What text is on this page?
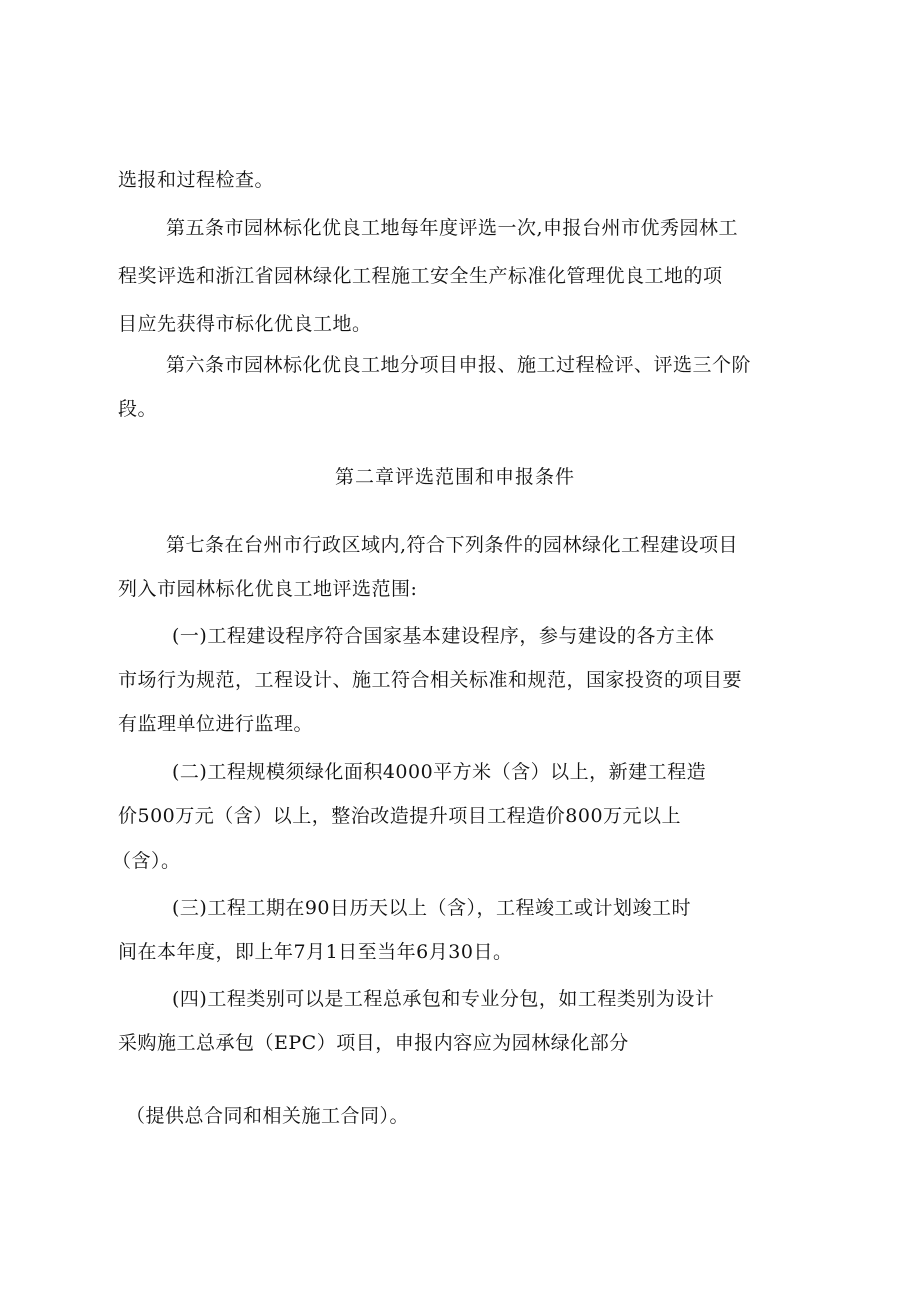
选报和过程检查。
第五条市园林标化优良工地每年度评选一次,申报台州市优秀园林工
程奖评选和浙江省园林绿化工程施工安全生产标准化管理优良工地的项
目应先获得市标化优良工地。
第六条市园林标化优良工地分项目申报、施工过程检评、评选三个阶
段。
第二章评选范围和申报条件
第七条在台州市行政区域内,符合下列条件的园林绿化工程建设项目
列入市园林标化优良工地评选范围:
(一)工程建设程序符合国家基本建设程序，参与建设的各方主体
市场行为规范，工程设计、施工符合相关标准和规范，国家投资的项目要
有监理单位进行监理。
(二)工程规模须绿化面积4000平方米（含）以上，新建工程造
价500万元（含）以上，整治改造提升项目工程造价800万元以上
（含）。
(三)工程工期在90日历天以上（含），工程竣工或计划竣工时
间在本年度，即上年7月1日至当年6月30日。
(四)工程类别可以是工程总承包和专业分包，如工程类别为设计
采购施工总承包（EPC）项目，申报内容应为园林绿化部分
（提供总合同和相关施工合同）。
